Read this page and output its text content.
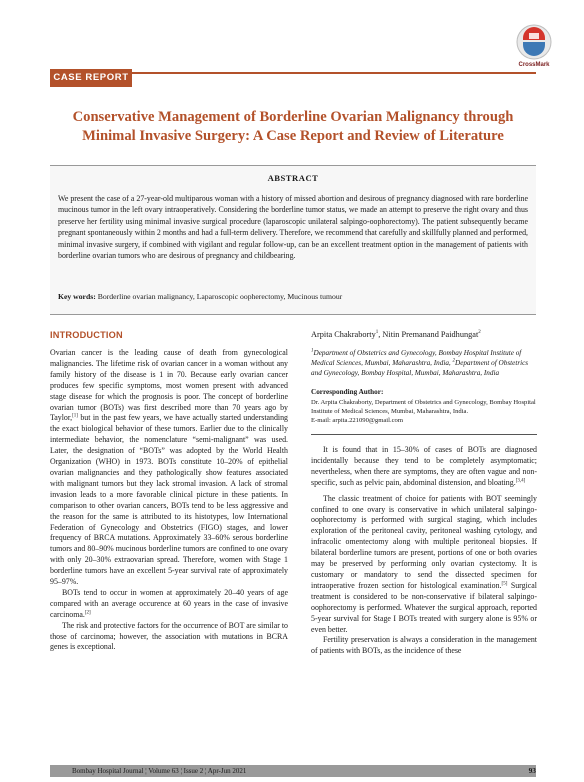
CrossMark
CASE REPORT
Conservative Management of Borderline Ovarian Malignancy through Minimal Invasive Surgery: A Case Report and Review of Literature
ABSTRACT

We present the case of a 27-year-old multiparous woman with a history of missed abortion and desirous of pregnancy diagnosed with rare borderline mucinous tumor in the left ovary intraoperatively. Considering the borderline tumor status, we made an attempt to preserve the right ovary and thus preserve her fertility using minimal invasive surgical procedure (laparoscopic unilateral salpingo-oophorectomy). The patient subsequently became pregnant spontaneously within 2 months and had a full-term delivery. Therefore, we recommend that carefully and skillfully planned and performed, minimal invasive surgery, if combined with vigilant and regular follow-up, can be an excellent treatment option in the management of patients with borderline ovarian tumors who are desirous of pregnancy and childbearing.

Key words: Borderline ovarian malignancy, Laparoscopic oopherectomy, Mucinous tumour
INTRODUCTION

Ovarian cancer is the leading cause of death from gynecological malignancies. The lifetime risk of ovarian cancer in a woman without any family history of the disease is 1 in 70. Because early ovarian cancer produces few specific symptoms, most women present with advanced stage disease for which the prognosis is poor. The concept of borderline ovarian tumor (BOTs) was first described more than 70 years ago by Taylor,[1] but in the past few years, we have actually started understanding the exact biological behavior of these tumors. Earlier due to the clinically intermediate behavior, the nomenclature “semi-malignant” was used. Later, the designation of “BOTs” was adopted by the World Health Organization (WHO) in 1973. BOTs constitute 10–20% of epithelial ovarian malignancies and they pathologically show features associated with malignant tumors but they lack stromal invasion. A lack of stromal invasion leads to a more favorable clinical picture in these patients. In comparison to other ovarian cancers, BOTs tend to be less aggressive and the reason for the same is attributed to its histotypes, low International Federation of Gynecology and Obstetrics (FIGO) stages, and lower frequency of BRCA mutations. Approximately 33–60% serous borderline tumors and 80–90% mucinous borderline tumors are confined to one ovary with only 20–30% extraovarian spread. Therefore, women with Stage 1 borderline tumors have an excellent 5-year survival rate of approximately 95–97%.

BOTs tend to occur in women at approximately 20–40 years of age compared with an average occurence at 60 years in the case of invasive carcinoma.[2]

The risk and protective factors for the occurrence of BOT are similar to those of carcinoma; however, the association with mutations in BCRA genes is exceptional.

Arpita Chakraborty$^1$, Nitin Premanand Paidhungat$^2$

$^1$Department of Obstetrics and Gynecology, Bombay Hospital Institute of Medical Sciences, Mumbai, Maharashtra, India, $^2$Department of Obstetrics and Gynecology, Bombay Hospital, Mumbai, Maharashtra, India

Corresponding Author:

Dr. Arpita Chakraborty, Department of Obstetrics and Gynecology, Bombay Hospital Institute of Medical Sciences, Mumbai, Maharashtra, India.

E-mail: arpita.221090@gmail.com

It is found that in 15–30% of cases of BOTs are diagnosed incidentally because they tend to be completely asymptomatic; nevertheless, when there are symptoms, they are often vague and non-specific, such as pelvic pain, abdominal distension, and bloating.[3,4]

The classic treatment of choice for patients with BOT seemingly confined to one ovary is conservative in which unilateral salpingo-oophorectomy is performed with surgical staging, which includes exploration of the peritoneal cavity, peritoneal washing cytology, and infracolic omentectomy along with multiple peritoneal biopsies. If bilateral borderline tumors are present, portions of one or both ovaries may be preserved by performing only ovarian cystectomy. It is customary or mandatory to send the dissected specimen for intraoperative frozen section for histological examination.[5] Surgical treatment is considered to be non-conservative if bilateral salpingo-oophorectomy is performed. Whatever the surgical approach, reported 5-year survival for Stage I BOTs treated with surgery alone is 95% or even better.

Fertility preservation is always a consideration in the management of patients with BOTs, as the incidence of these

Bombay Hospital Journal ¦ Volume 63 ¦ Issue 2 ¦ Apr-Jun 2021	93
